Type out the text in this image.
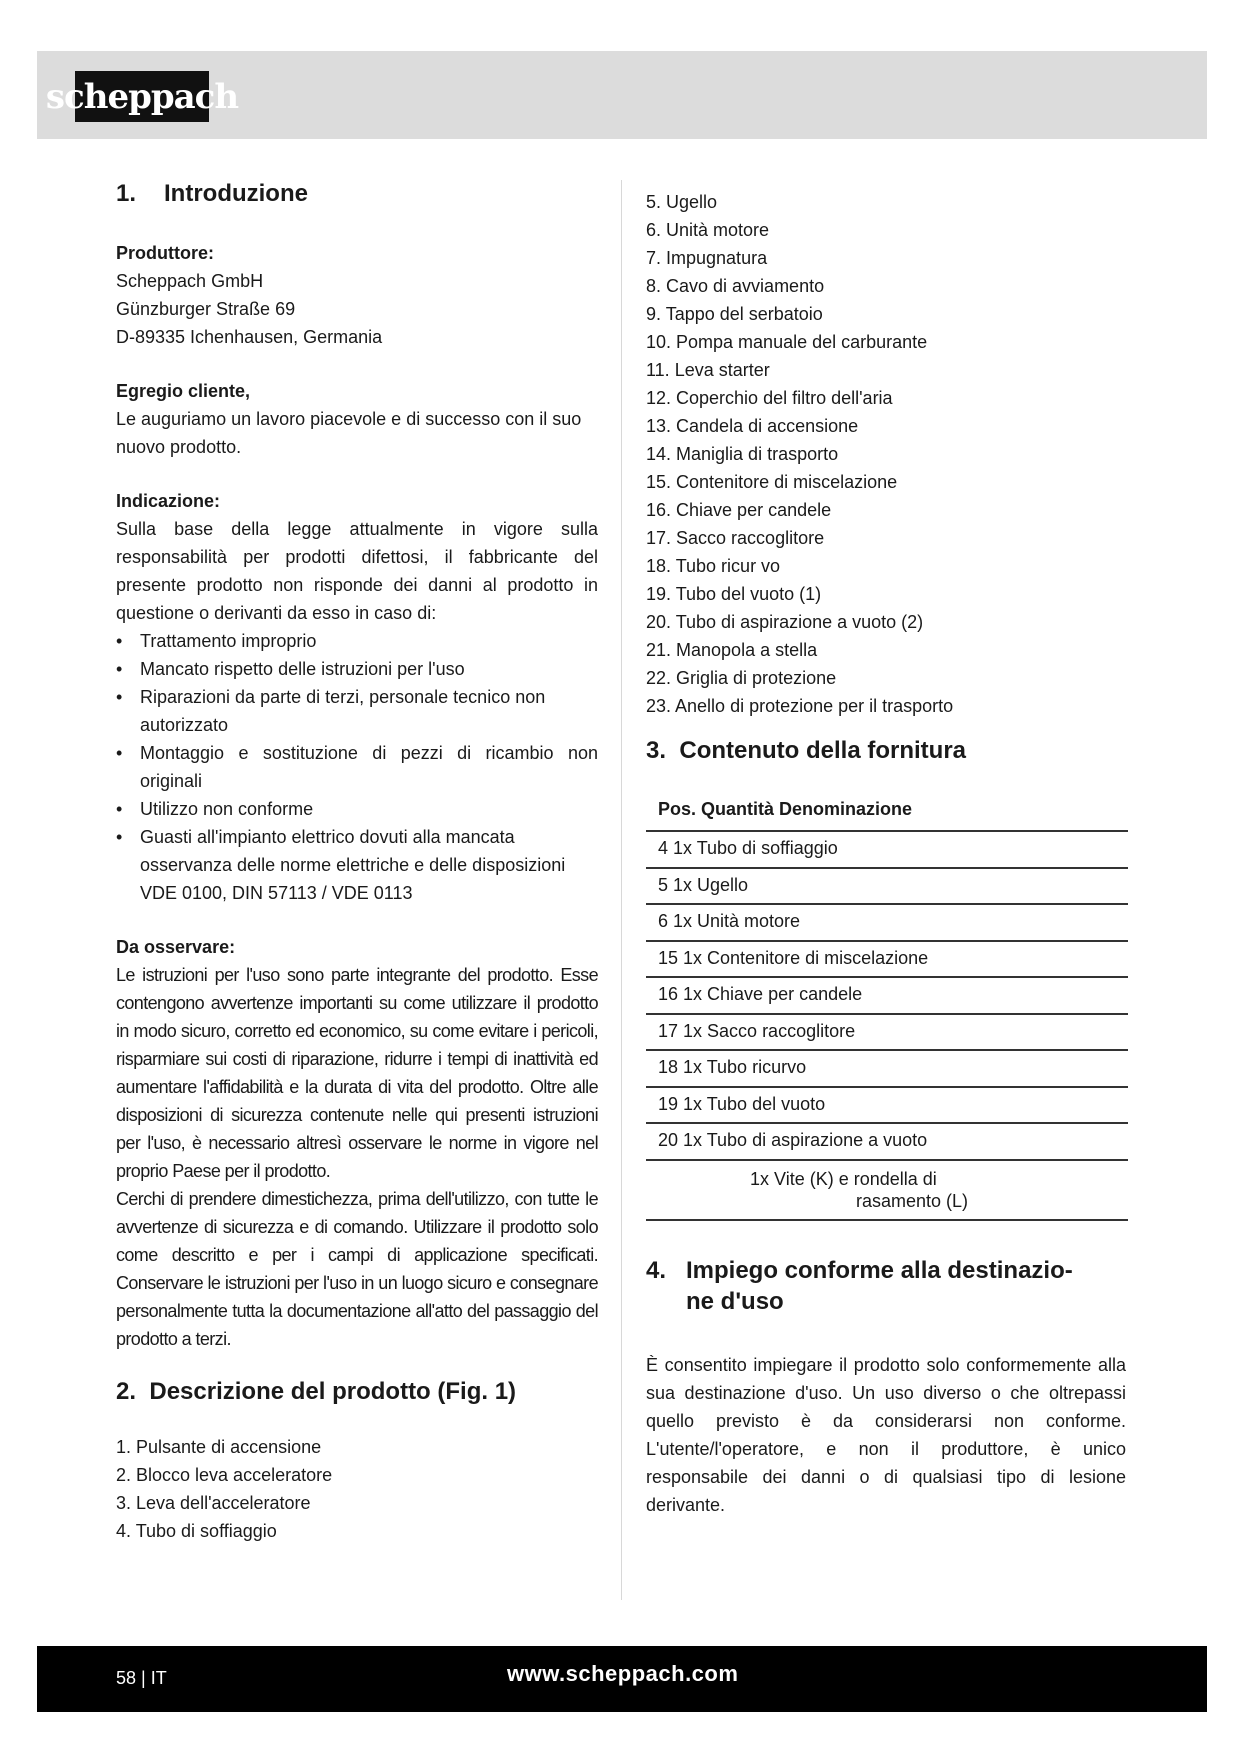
scheppach
1. Introduzione
Produttore:

Scheppach GmbH

Günzburger Straße 69

D-89335 Ichenhausen, Germania

Egregio cliente,

Le auguriamo un lavoro piacevole e di successo con il suo nuovo prodotto.

Indicazione:

Sulla base della legge attualmente in vigore sulla responsabilità per prodotti difettosi, il fabbricante del presente prodotto non risponde dei danni al prodotto in questione o derivanti da esso in caso di:

• Trattamento improprio
• Mancato rispetto delle istruzioni per l'uso
• Riparazioni da parte di terzi, personale tecnico non autorizzato
• Montaggio e sostituzione di pezzi di ricambio non originali
• Utilizzo non conforme
• Guasti all'impianto elettrico dovuti alla mancata osservanza delle norme elettriche e delle disposizioni VDE 0100, DIN 57113 / VDE 0113
Da osservare:

Le istruzioni per l'uso sono parte integrante del prodotto. Esse contengono avvertenze importanti su come utilizzare il prodotto in modo sicuro, corretto ed economico, su come evitare i pericoli, risparmiare sui costi di riparazione, ridurre i tempi di inattività ed aumentare l'affidabilità e la durata di vita del prodotto. Oltre alle disposizioni di sicurezza contenute nelle qui presenti istruzioni per l'uso, è necessario altresì osservare le norme in vigore nel proprio Paese per il prodotto.

Cerchi di prendere dimestichezza, prima dell'utilizzo, con tutte le avvertenze di sicurezza e di comando. Utilizzare il prodotto solo come descritto e per i campi di applicazione specificati. Conservare le istruzioni per l'uso in un luogo sicuro e consegnare personalmente tutta la documentazione all'atto del passaggio del prodotto a terzi.

2. Descrizione del prodotto (Fig. 1)
1. Pulsante di accensione
2. Blocco leva acceleratore
3. Leva dell'acceleratore
4. Tubo di soffiaggio
5. Ugello
6. Unità motore
7. Impugnatura
8. Cavo di avviamento
9. Tappo del serbatoio
10. Pompa manuale del carburante
11. Leva starter
12. Coperchio del filtro dell'aria
13. Candela di accensione
14. Maniglia di trasporto
15. Contenitore di miscelazione
16. Chiave per candele
17. Sacco raccoglitore
18. Tubo ricur vo
19. Tubo del vuoto (1)
20. Tubo di aspirazione a vuoto (2)
21. Manopola a stella
22. Griglia di protezione
23. Anello di protezione per il trasporto
3. Contenuto della fornitura
Pos. Quantità Denominazione
4 1x Tubo di soffiaggio
5 1x Ugello
6 1x Unità motore
15 1x Contenitore di miscelazione
16 1x Chiave per candele
17 1x Sacco raccoglitore
18 1x Tubo ricurvo
19 1x Tubo del vuoto
20 1x Tubo di aspirazione a vuoto
1x Vite (K) e rondella di
rasamento (L)
4. Impiego conforme alla destinazio-
ne d'uso

È consentito impiegare il prodotto solo conformemente alla sua destinazione d'uso. Un uso diverso o che oltrepassi quello previsto è da considerarsi non conforme. L'utente/l'operatore, e non il produttore, è unico responsabile dei danni o di qualsiasi tipo di lesione derivante.

58 | IT	www.scheppach.com
